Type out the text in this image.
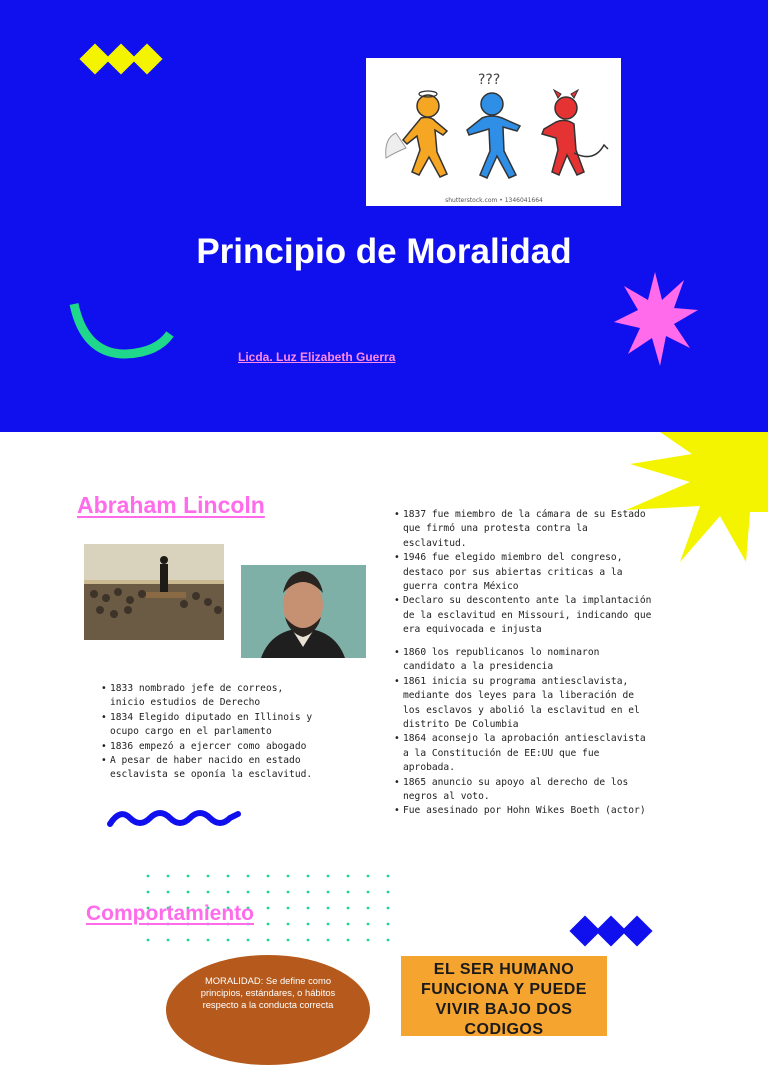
???
shutterstock.com • 1346041664
Principio de Moralidad
Licda. Luz Elizabeth Guerra
Abraham Lincoln
• 1833 nombrado jefe de correos,
inicio estudios de Derecho
• 1834 Elegido diputado en Illinois y
ocupo cargo en el parlamento
• 1836 empezó a ejercer como abogado
• A pesar de haber nacido en estado
esclavista se oponía la esclavitud.
• 1837 fue miembro de la cámara de su Estado
que firmó una protesta contra la
esclavitud.
• 1946 fue elegido miembro del congreso,
destaco por sus abiertas criticas a la
guerra contra México
• Declaro su descontento ante la implantación
de la esclavitud en Missouri, indicando que
era equivocada e injusta
• 1860 los republicanos lo nominaron
candidato a la presidencia
• 1861 inicia su programa antiesclavista,
mediante dos leyes para la liberación de
los esclavos y abolió la esclavitud en el
distrito De Columbia
• 1864 aconsejo la aprobación antiesclavista
a la Constitución de EE:UU que fue
aprobada.
• 1865 anuncio su apoyo al derecho de los
negros al voto.
• Fue asesinado por Hohn Wikes Boeth (actor)
Comportamiento
MORALIDAD: Se define como principios, estándares, o hábitos respecto a la conducta correcta
EL SER HUMANO FUNCIONA Y PUEDE VIVIR BAJO DOS CODIGOS
